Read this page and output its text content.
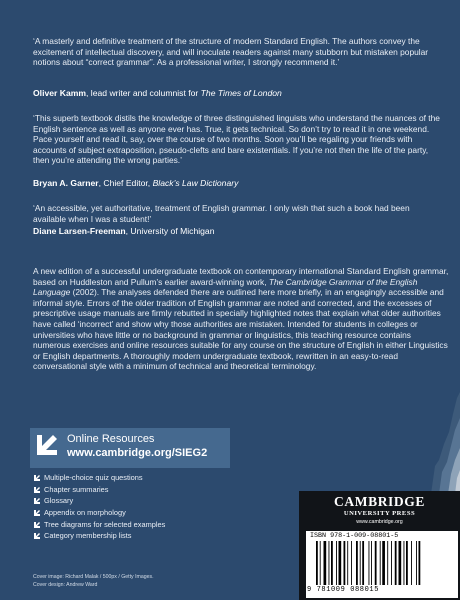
‘A masterly and definitive treatment of the structure of modern Standard English. The authors convey the excitement of intellectual discovery, and will inoculate readers against many stubborn but mistaken popular notions about “correct grammar”. As a professional writer, I strongly recommend it.’
Oliver Kamm, lead writer and columnist for The Times of London
‘This superb textbook distils the knowledge of three distinguished linguists who understand the nuances of the English sentence as well as anyone ever has. True, it gets technical. So don’t try to read it in one weekend. Pace yourself and read it, say, over the course of two months. Soon you’ll be regaling your friends with accounts of subject extraposition, pseudo-clefts and bare existentials. If you’re not then the life of the party, then you’re attending the wrong parties.’
Bryan A. Garner, Chief Editor, Black’s Law Dictionary
‘An accessible, yet authoritative, treatment of English grammar. I only wish that such a book had been available when I was a student!’
Diane Larsen-Freeman, University of Michigan
A new edition of a successful undergraduate textbook on contemporary international Standard English grammar, based on Huddleston and Pullum’s earlier award-winning work, The Cambridge Grammar of the English Language (2002). The analyses defended there are outlined here more briefly, in an engagingly accessible and informal style. Errors of the older tradition of English grammar are noted and corrected, and the excesses of prescriptive usage manuals are firmly rebutted in specially highlighted notes that explain what older authorities have called ‘incorrect’ and show why those authorities are mistaken. Intended for students in colleges or universities who have little or no background in grammar or linguistics, this teaching resource contains numerous exercises and online resources suitable for any course on the structure of English in either Linguistics or English departments. A thoroughly modern undergraduate textbook, rewritten in an easy-to-read conversational style with a minimum of technical and theoretical terminology.
Online Resources
www.cambridge.org/SIEG2
Multiple-choice quiz questions
Chapter summaries
Glossary
Appendix on morphology
Tree diagrams for selected examples
Category membership lists
Cover image: Richard Malak / 500px / Getty Images.
Cover design: Andrew Ward
CAMBRIDGE
UNIVERSITY PRESS
www.cambridge.org
ISBN 978-1-009-08801-5
9 781009 088015
